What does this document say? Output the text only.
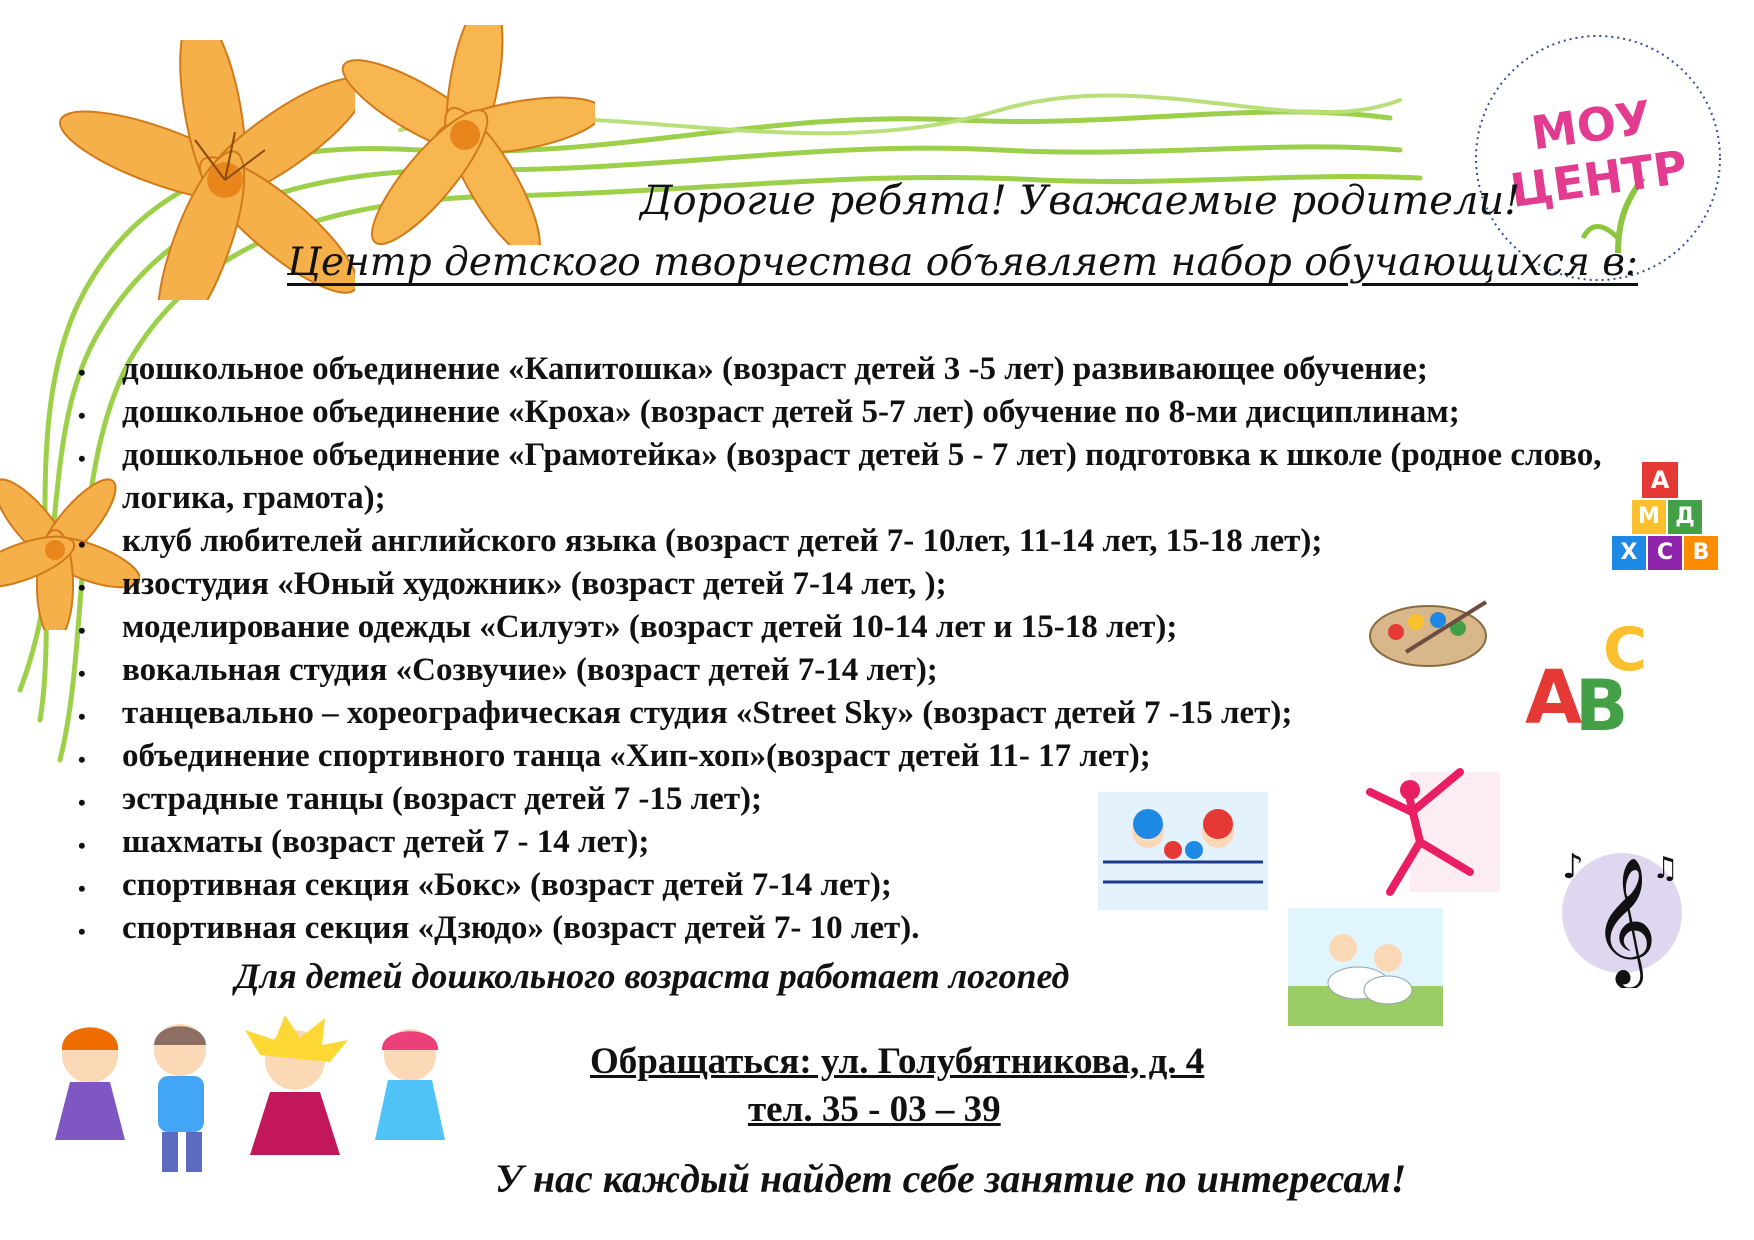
МОУ ЦЕНТР
Дорогие ребята! Уважаемые родители!
Центр детского творчества объявляет набор обучающихся в:
• дошкольное объединение «Капитошка» (возраст детей 3 -5 лет) развивающее обучение;
• дошкольное объединение «Кроха» (возраст детей 5-7 лет) обучение по 8-ми дисциплинам;
• дошкольное объединение «Грамотейка» (возраст детей 5 - 7 лет) подготовка к школе (родное слово, логика, грамота);
• клуб любителей английского языка (возраст детей 7- 10лет, 11-14 лет, 15-18 лет);
• изостудия «Юный художник» (возраст детей 7-14 лет, );
• моделирование одежды «Силуэт» (возраст детей 10-14 лет и 15-18 лет);
• вокальная студия «Созвучие» (возраст детей 7-14 лет);
• танцевально – хореографическая студия «Street Sky» (возраст детей 7 -15 лет);
• объединение спортивного танца «Хип-хоп»(возраст детей 11- 17 лет);
• эстрадные танцы (возраст детей 7 -15 лет);
• шахматы (возраст детей 7 - 14 лет);
• спортивная секция «Бокс» (возраст детей 7-14 лет);
• спортивная секция «Дзюдо» (возраст детей 7- 10 лет).
А
М Д
Х С В
A
B
C
𝄞
♪ ♫
Для детей дошкольного возраста работает логопед
Обращаться: ул. Голубятникова, д. 4
тел. 35 - 03 – 39
У нас каждый найдет себе занятие по интересам!
